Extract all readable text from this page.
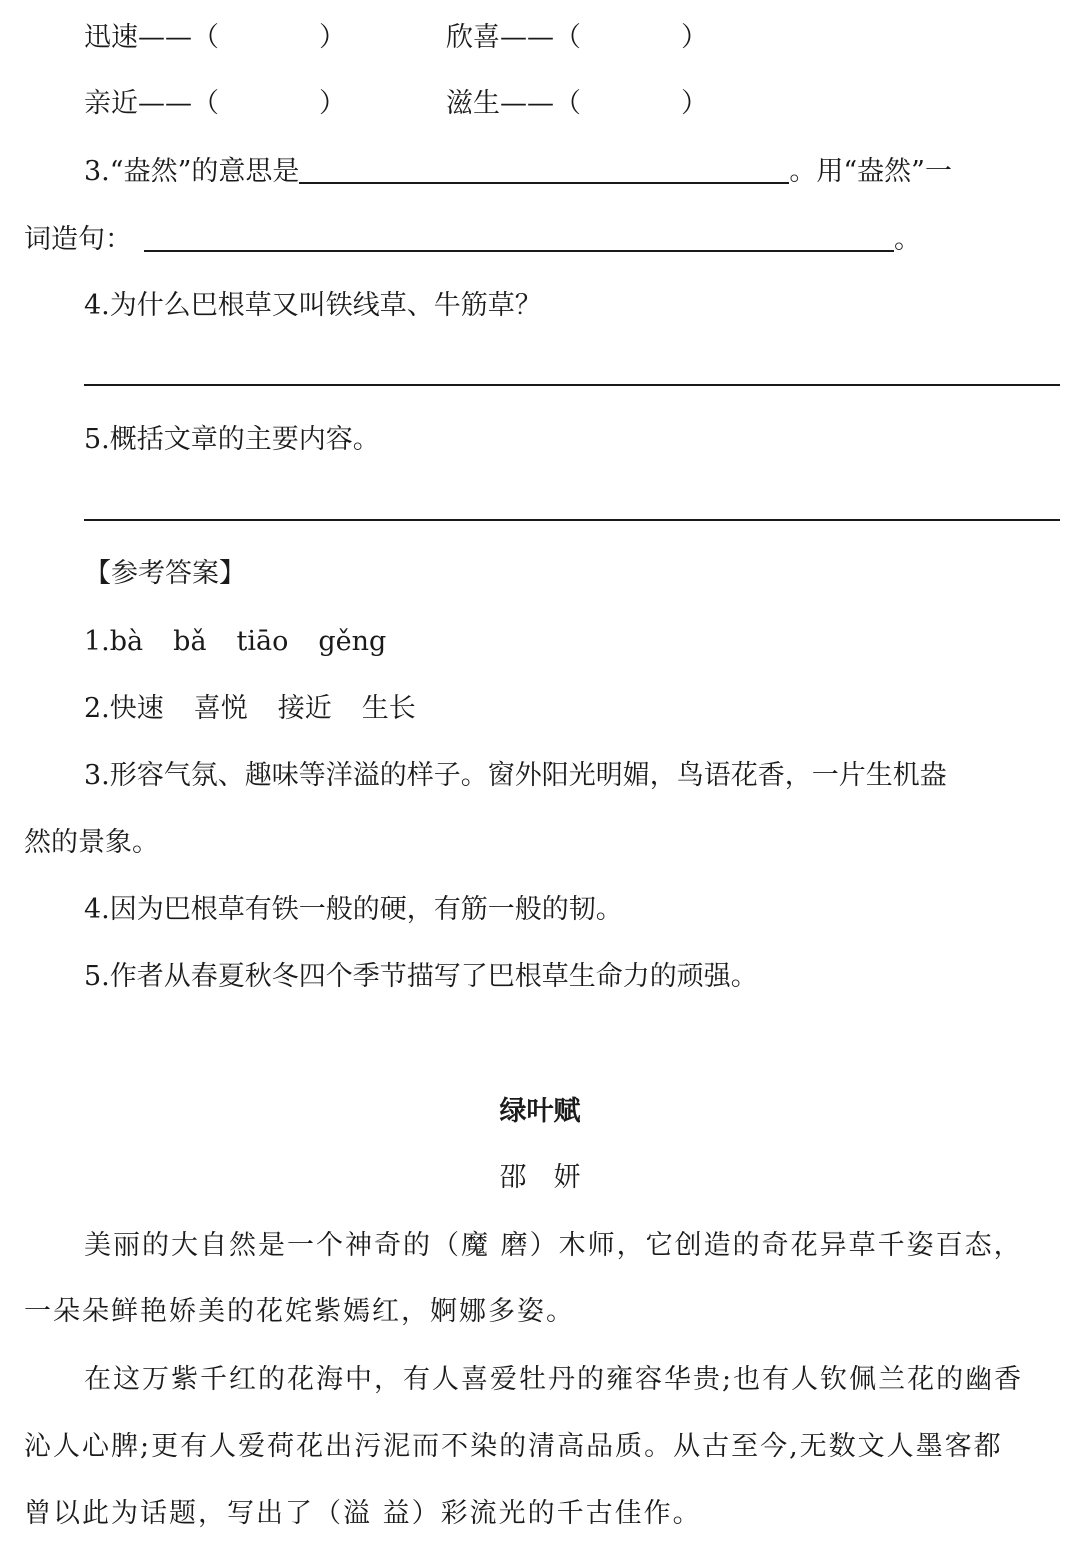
迅速——（	）	欣喜——（	）
亲近——（	）	滋生——（	）
3.“盎然”的意思是	。用“盎然”一
词造句：	。
4.为什么巴根草又叫铁线草、牛筋草？
5.概括文章的主要内容。
【参考答案】
1.bà bǎ tiāo gěng
2.快速 喜悦 接近 生长
3.形容气氛、趣味等洋溢的样子。窗外阳光明媚，鸟语花香，一片生机盎
然的景象。
4.因为巴根草有铁一般的硬，有筋一般的韧。
5.作者从春夏秋冬四个季节描写了巴根草生命力的顽强。
绿叶赋
邵　妍
美丽的大自然是一个神奇的（魔 磨）木师，它创造的奇花异草千姿百态，
一朵朵鲜艳娇美的花姹紫嫣红，婀娜多姿。
在这万紫千红的花海中，有人喜爱牡丹的雍容华贵;也有人钦佩兰花的幽香
沁人心脾;更有人爱荷花出污泥而不染的清高品质。从古至今,无数文人墨客都
曾以此为话题，写出了（溢 益）彩流光的千古佳作。
